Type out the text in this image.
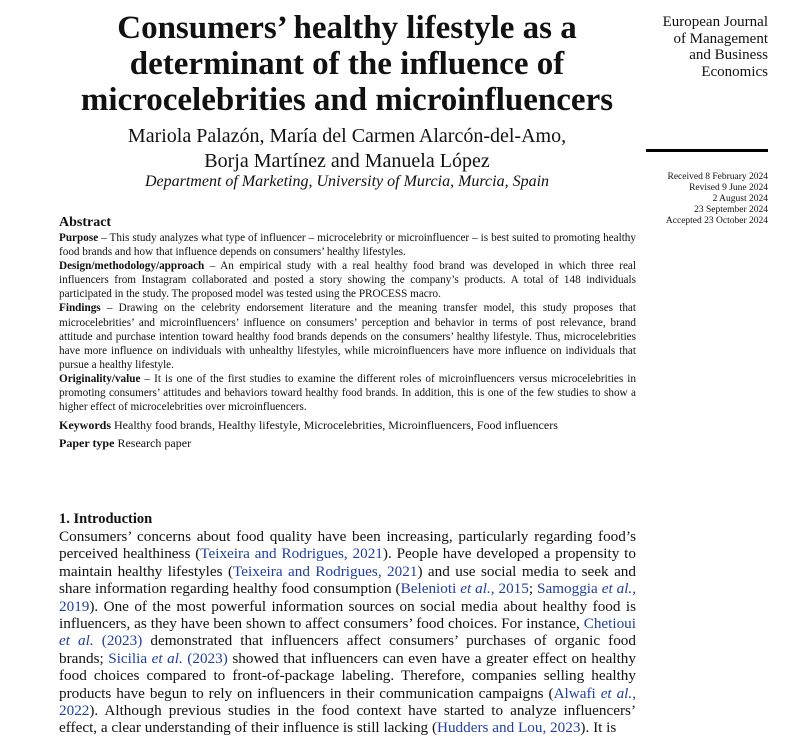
Consumers’ healthy lifestyle as a determinant of the influence of microcelebrities and microinfluencers
Mariola Palazón, María del Carmen Alarcón-del-Amo,
Borja Martínez and Manuela López
Department of Marketing, University of Murcia, Murcia, Spain
European Journal
of Management
and Business
Economics
Received 8 February 2024
Revised 9 June 2024
2 August 2024
23 September 2024
Accepted 23 October 2024
Abstract

Purpose – This study analyzes what type of influencer – microcelebrity or microinfluencer – is best suited to promoting healthy food brands and how that influence depends on consumers’ healthy lifestyles.

Design/methodology/approach – An empirical study with a real healthy food brand was developed in which three real influencers from Instagram collaborated and posted a story showing the company’s products. A total of 148 individuals participated in the study. The proposed model was tested using the PROCESS macro.

Findings – Drawing on the celebrity endorsement literature and the meaning transfer model, this study proposes that microcelebrities’ and microinfluencers’ influence on consumers’ perception and behavior in terms of post relevance, brand attitude and purchase intention toward healthy food brands depends on the consumers’ healthy lifestyle. Thus, microcelebrities have more influence on individuals with unhealthy lifestyles, while microinfluencers have more influence on individuals that pursue a healthy lifestyle.

Originality/value – It is one of the first studies to examine the different roles of microinfluencers versus microcelebrities in promoting consumers’ attitudes and behaviors toward healthy food brands. In addition, this is one of the few studies to show a higher effect of microcelebrities over microinfluencers.

Keywords Healthy food brands, Healthy lifestyle, Microcelebrities, Microinfluencers, Food influencers

Paper type Research paper

1. Introduction

Consumers’ concerns about food quality have been increasing, particularly regarding food’s perceived healthiness (Teixeira and Rodrigues, 2021). People have developed a propensity to maintain healthy lifestyles (Teixeira and Rodrigues, 2021) and use social media to seek and share information regarding healthy food consumption (Belenioti et al., 2015; Samoggia et al., 2019). One of the most powerful information sources on social media about healthy food is influencers, as they have been shown to affect consumers’ food choices. For instance, Chetioui et al. (2023) demonstrated that influencers affect consumers’ purchases of organic food brands; Sicilia et al. (2023) showed that influencers can even have a greater effect on healthy food choices compared to front-of-package labeling. Therefore, companies selling healthy products have begun to rely on influencers in their communication campaigns (Alwafi et al., 2022). Although previous studies in the food context have started to analyze influencers’ effect, a clear understanding of their influence is still lacking (Hudders and Lou, 2023). It is
